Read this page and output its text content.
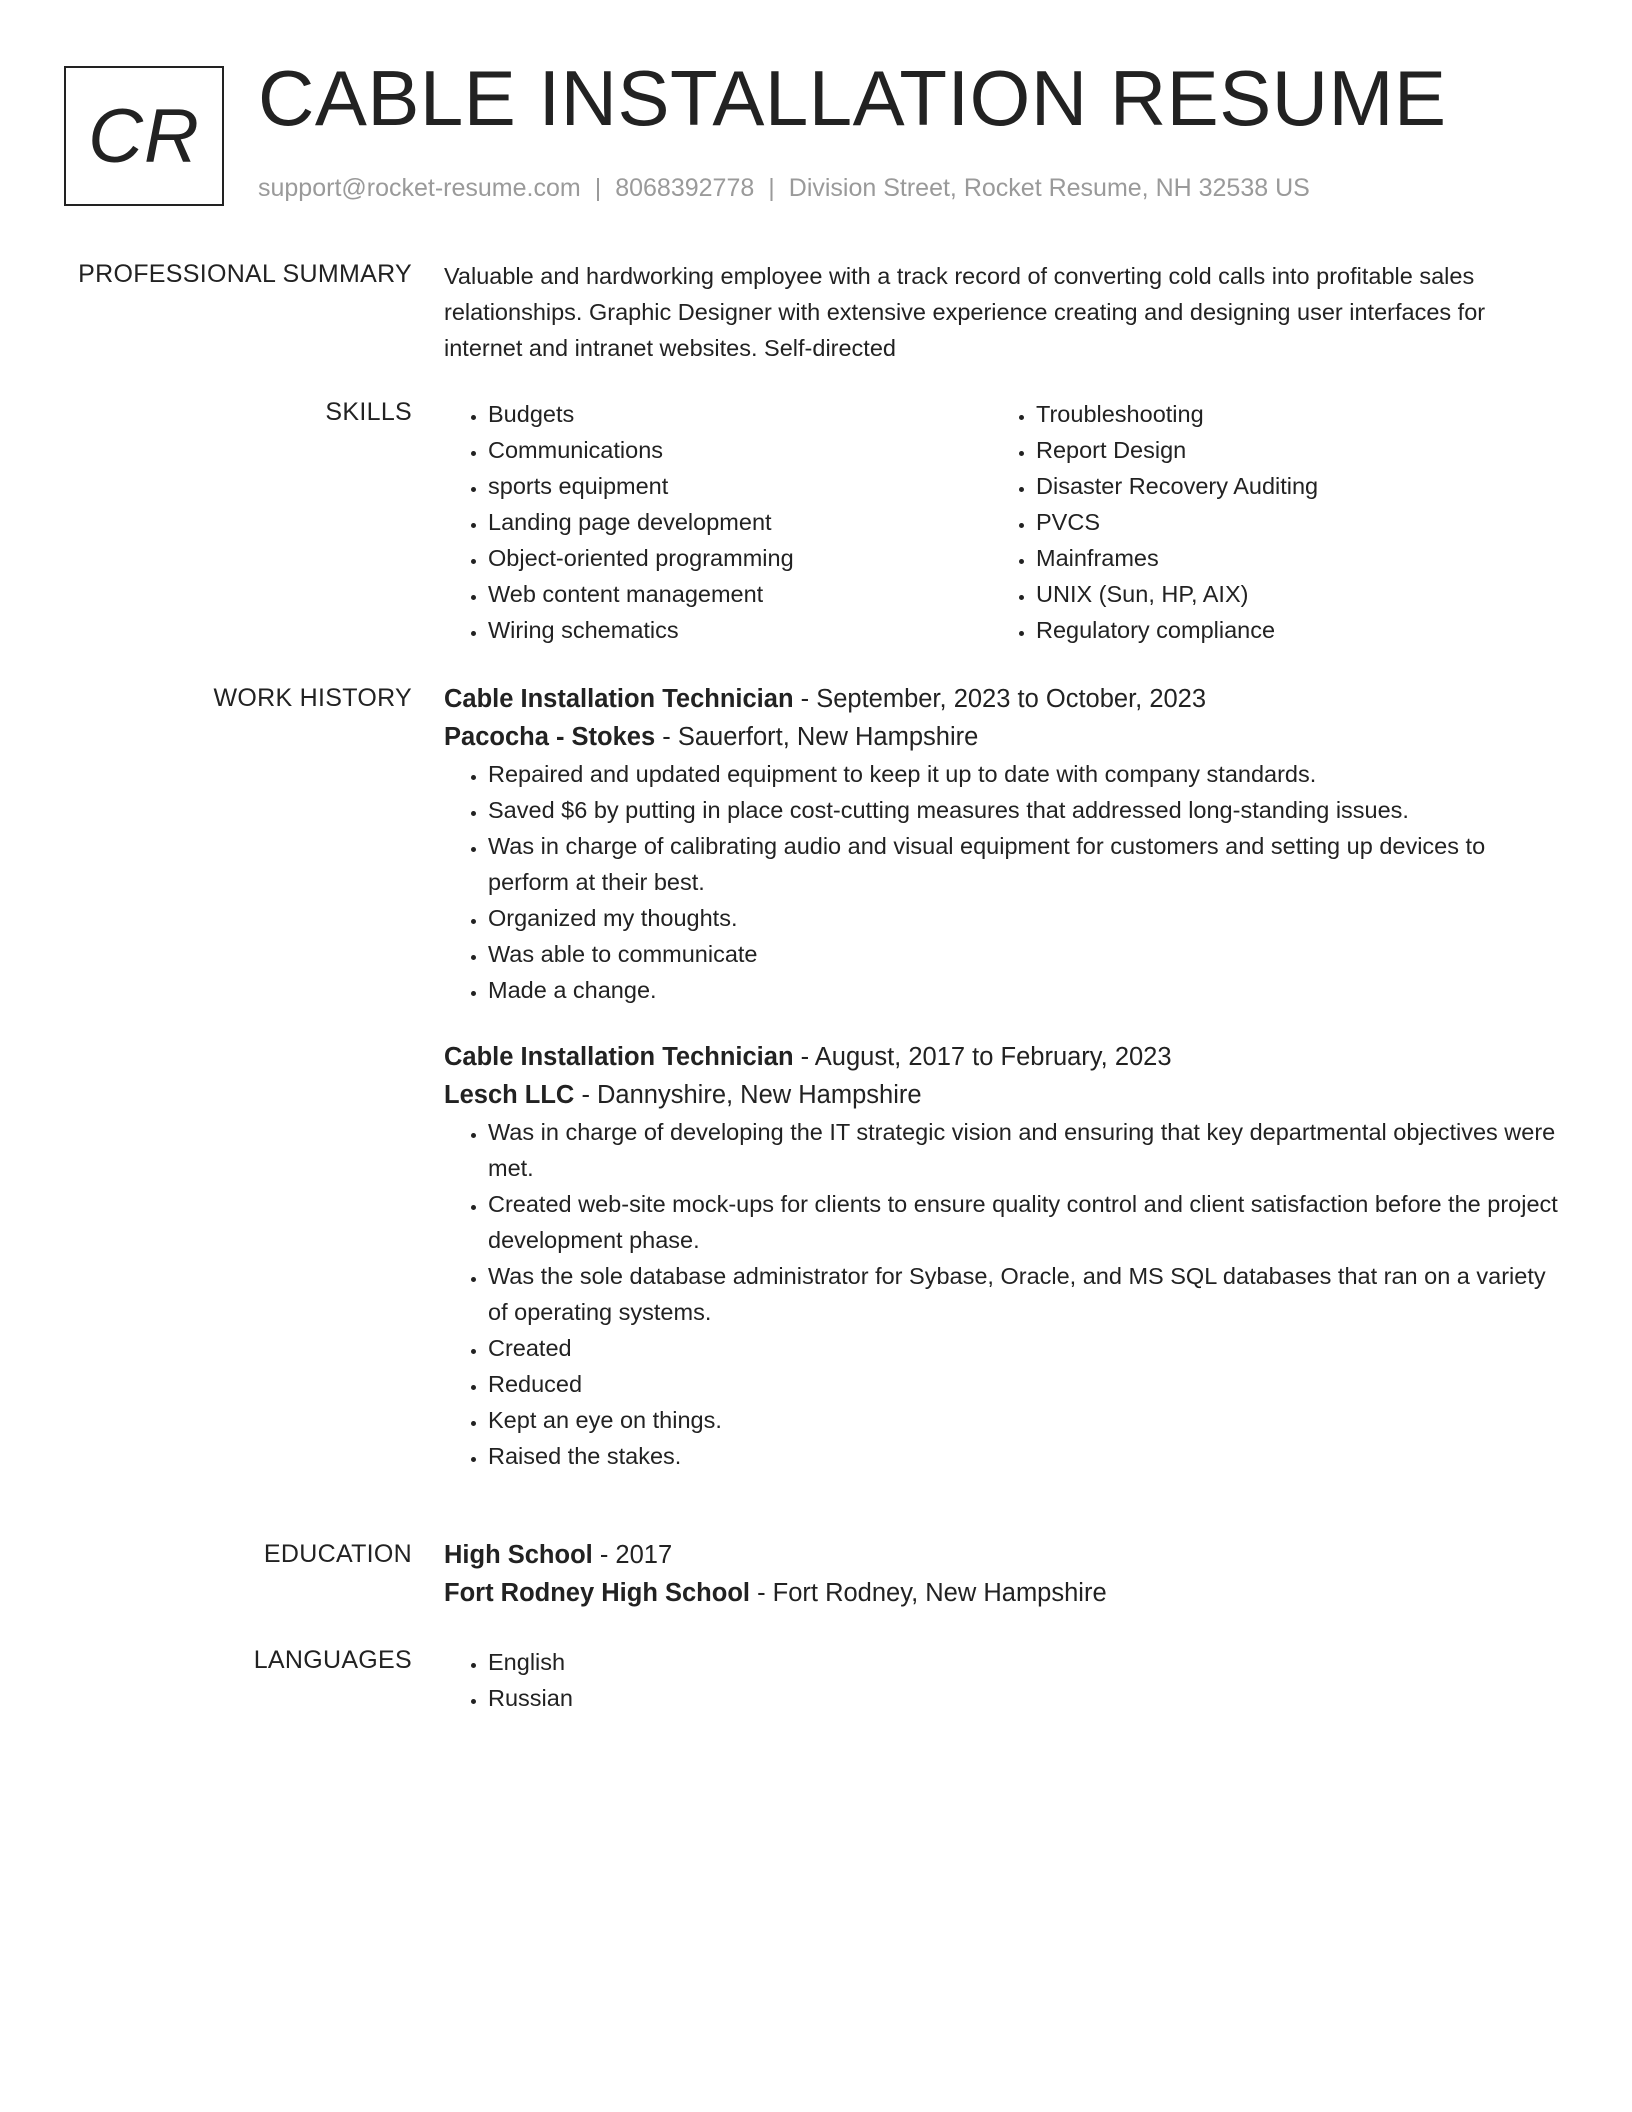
CR CABLE INSTALLATION RESUME
support@rocket-resume.com | 8068392778 | Division Street, Rocket Resume, NH 32538 US
PROFESSIONAL SUMMARY Valuable and hardworking employee with a track record of converting cold calls into profitable sales relationships. Graphic Designer with extensive experience creating and designing user interfaces for internet and intranet websites. Self-directed

SKILLS	• Budgets
• Communications
• sports equipment
• Landing page development
• Object-oriented programming
• Web content management
• Wiring schematics
• Troubleshooting
• Report Design
• Disaster Recovery Auditing
• PVCS
• Mainframes
• UNIX (Sun, HP, AIX)
• Regulatory compliance
WORK HISTORY Cable Installation Technician - September, 2023 to October, 2023
Pacocha - Stokes - Sauerfort, New Hampshire
• Repaired and updated equipment to keep it up to date with company standards.
• Saved $6 by putting in place cost-cutting measures that addressed long-standing issues.
• Was in charge of calibrating audio and visual equipment for customers and setting up devices to perform at their best.
• Organized my thoughts.
• Was able to communicate
• Made a change.
Cable Installation Technician - August, 2017 to February, 2023
Lesch LLC - Dannyshire, New Hampshire
• Was in charge of developing the IT strategic vision and ensuring that key departmental objectives were met.
• Created web-site mock-ups for clients to ensure quality control and client satisfaction before the project development phase.
• Was the sole database administrator for Sybase, Oracle, and MS SQL databases that ran on a variety of operating systems.
• Created
• Reduced
• Kept an eye on things.
• Raised the stakes.
EDUCATION High School - 2017
Fort Rodney High School - Fort Rodney, New Hampshire
LANGUAGES	• English
• Russian
